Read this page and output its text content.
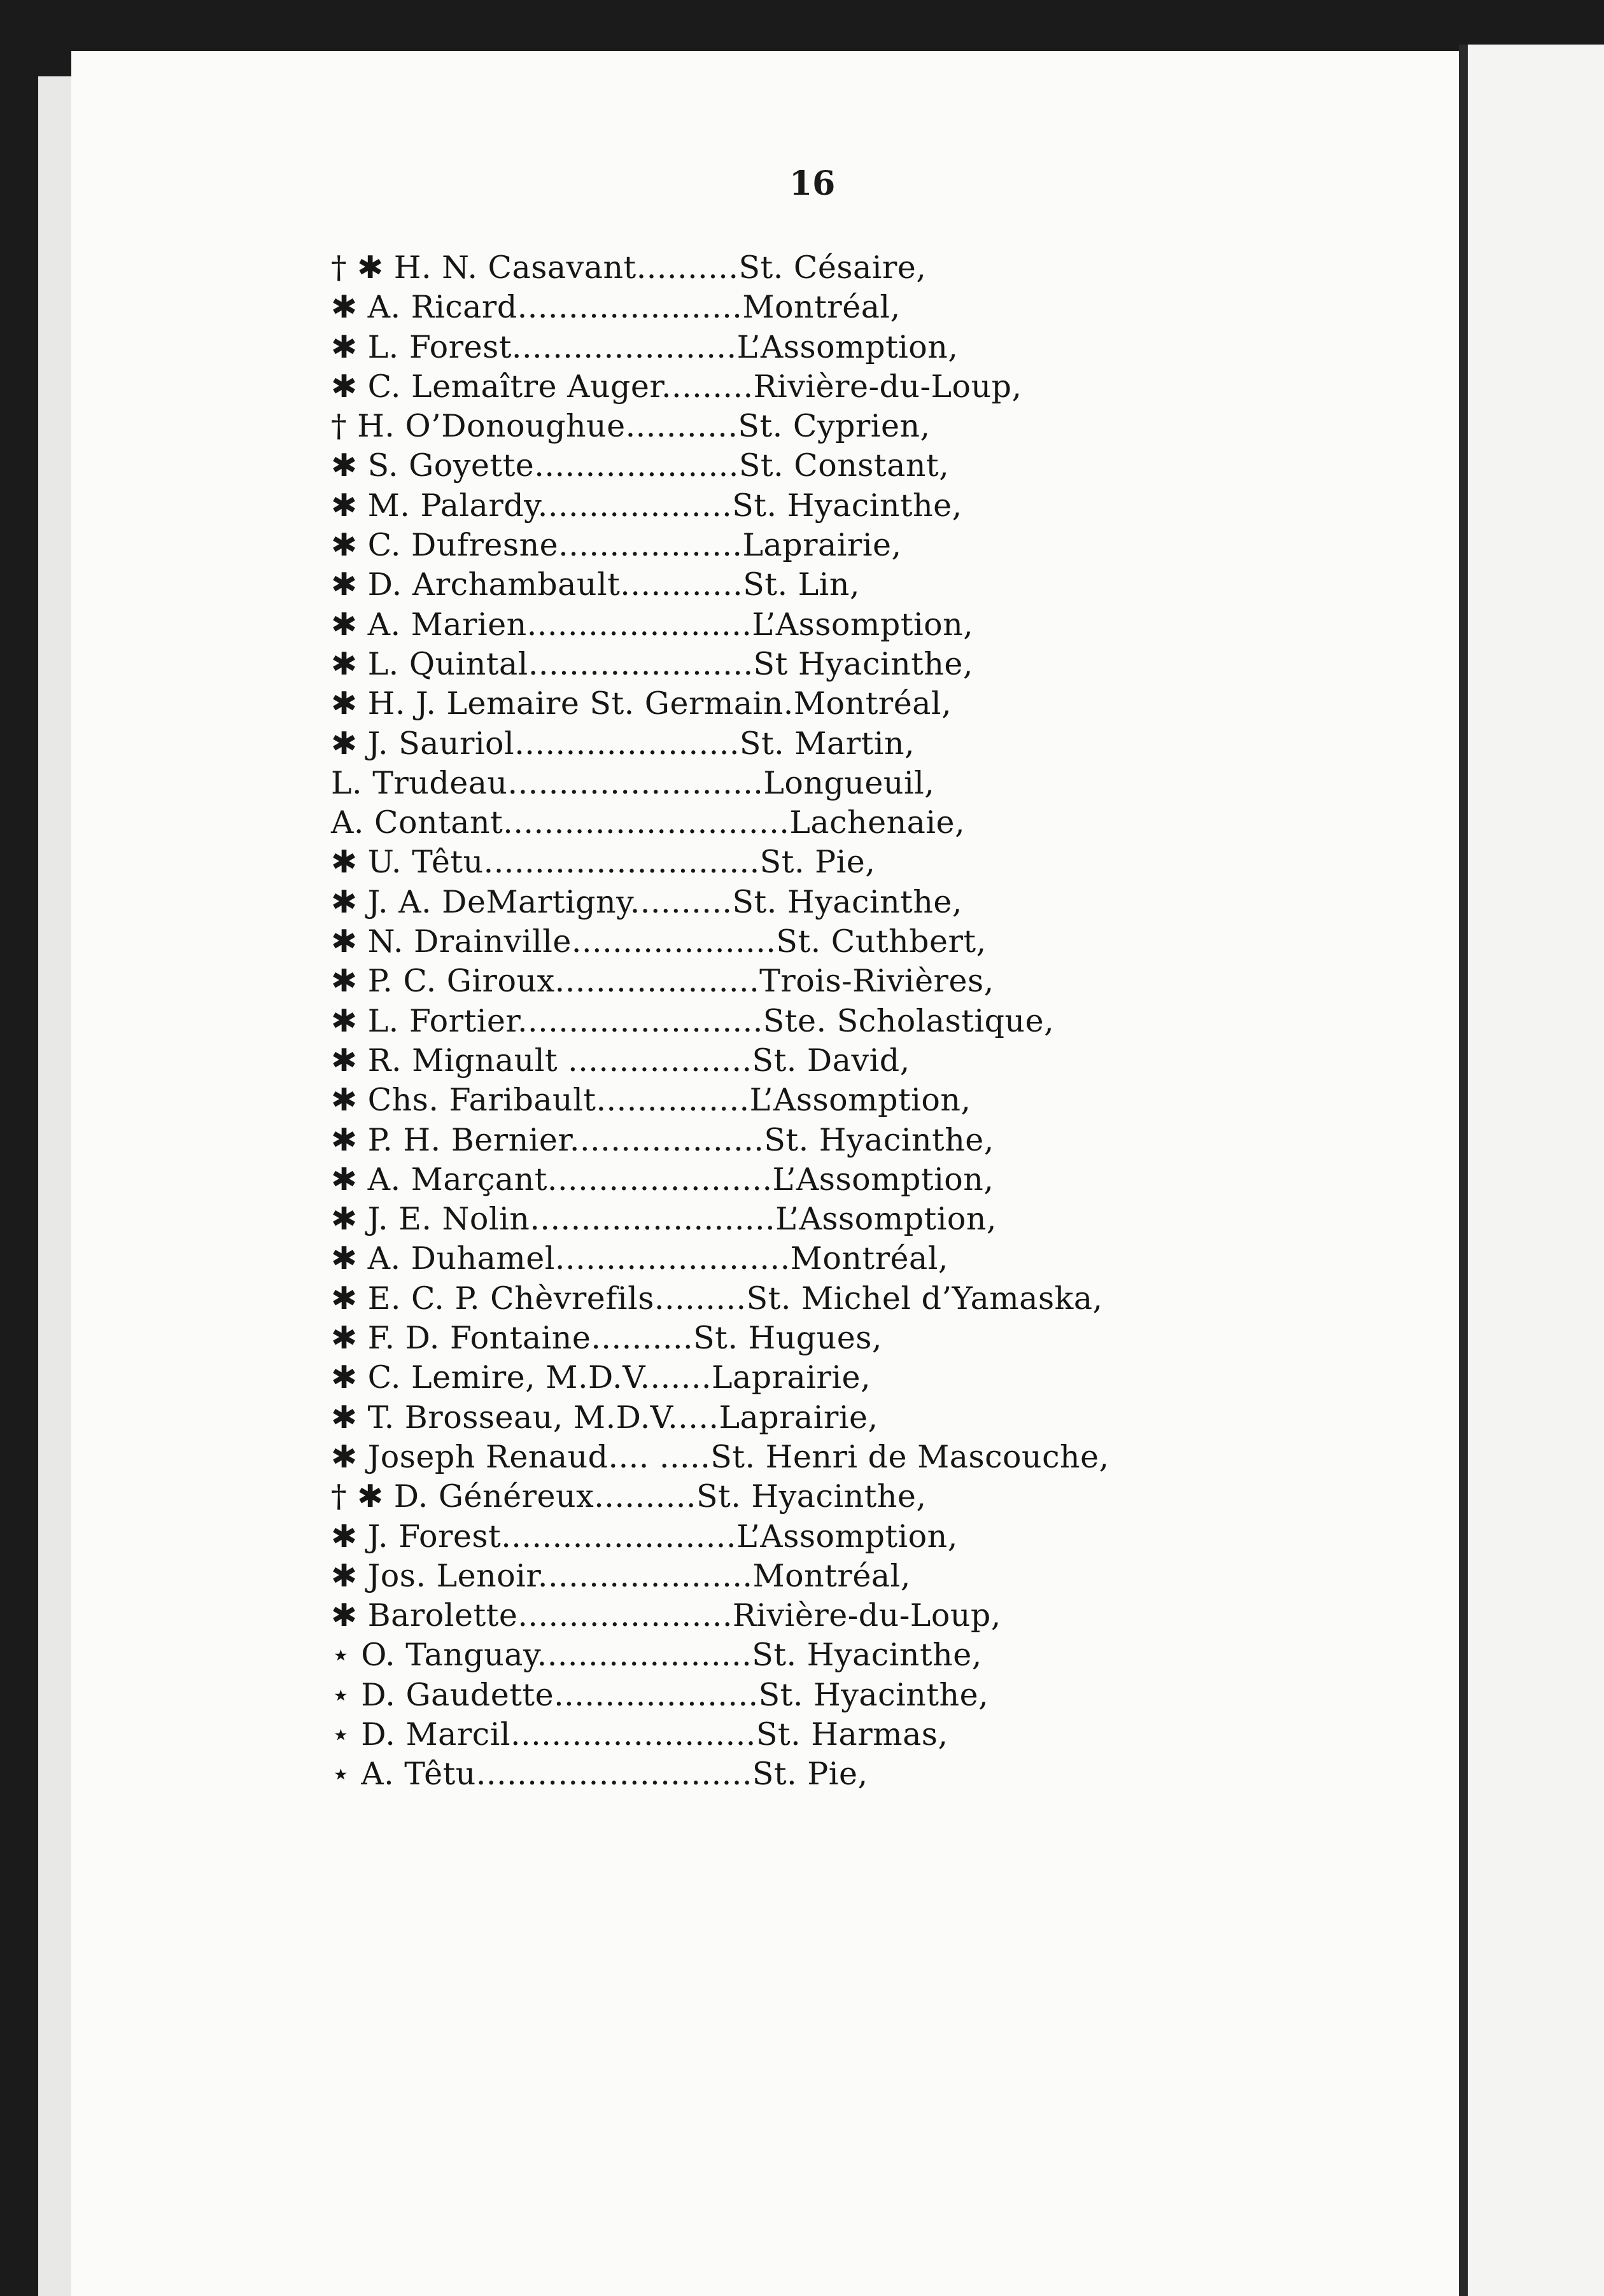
16
† ✱ H. N. Casavant..........St. Césaire,
✱ A. Ricard......................Montréal,
✱ L. Forest......................L’Assomption,
✱ C. Lemaître Auger.........Rivière-du-Loup,
† H. O’Donoughue...........St. Cyprien,
✱ S. Goyette....................St. Constant,
✱ M. Palardy...................St. Hyacinthe,
✱ C. Dufresne..................Laprairie,
✱ D. Archambault............St. Lin,
✱ A. Marien......................L’Assomption,
✱ L. Quintal......................St Hyacinthe,
✱ H. J. Lemaire St. Germain.Montréal,
✱ J. Sauriol......................St. Martin,
L. Trudeau.........................Longueuil,
A. Contant............................Lachenaie,
✱ U. Têtu...........................St. Pie,
✱ J. A. DeMartigny..........St. Hyacinthe,
✱ N. Drainville....................St. Cuthbert,
✱ P. C. Giroux....................Trois-Rivières,
✱ L. Fortier........................Ste. Scholastique,
✱ R. Mignault ..................St. David,
✱ Chs. Faribault...............L’Assomption,
✱ P. H. Bernier...................St. Hyacinthe,
✱ A. Marçant......................L’Assomption,
✱ J. E. Nolin........................L’Assomption,
✱ A. Duhamel.......................Montréal,
✱ E. C. P. Chèvrefils.........St. Michel d’Yamaska,
✱ F. D. Fontaine..........St. Hugues,
✱ C. Lemire, M.D.V.......Laprairie,
✱ T. Brosseau, M.D.V.....Laprairie,
✱ Joseph Renaud.... .....St. Henri de Mascouche,
† ✱ D. Généreux..........St. Hyacinthe,
✱ J. Forest.......................L’Assomption,
✱ Jos. Lenoir.....................Montréal,
✱ Barolette.....................Rivière-du-Loup,
⋆ O. Tanguay.....................St. Hyacinthe,
⋆ D. Gaudette....................St. Hyacinthe,
⋆ D. Marcil........................St. Harmas,
⋆ A. Têtu...........................St. Pie,
